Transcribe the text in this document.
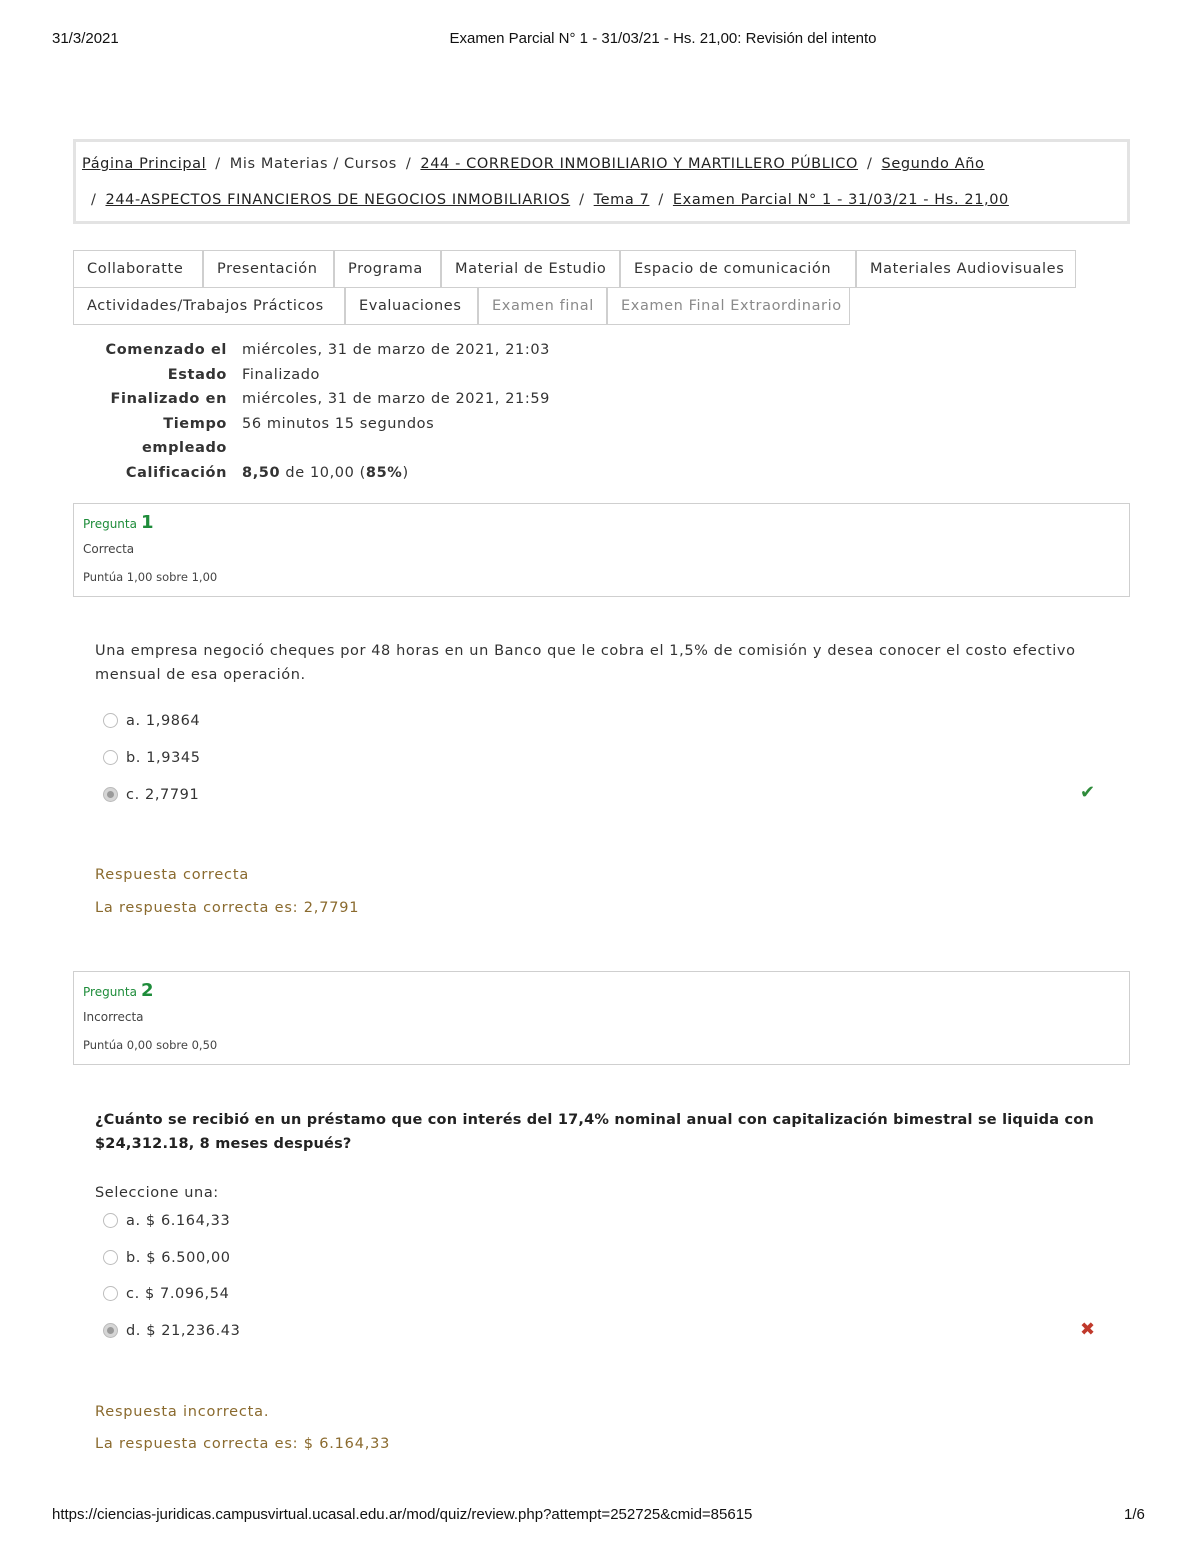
31/3/2021	Examen Parcial N° 1 - 31/03/21 - Hs. 21,00: Revisión del intento
Página Principal / Mis Materias / Cursos / 244 - CORREDOR INMOBILIARIO Y MARTILLERO PÚBLICO / Segundo Año
/ 244-ASPECTOS FINANCIEROS DE NEGOCIOS INMOBILIARIOS / Tema 7 / Examen Parcial N° 1 - 31/03/21 - Hs. 21,00
Collaboratte	Presentación	Programa	Material de Estudio	Espacio de comunicación	Materiales Audiovisuales
Actividades/Trabajos Prácticos	Evaluaciones	Examen final	Examen Final Extraordinario
Comenzado el miércoles, 31 de marzo de 2021, 21:03
Estado Finalizado
Finalizado en miércoles, 31 de marzo de 2021, 21:59
Tiempo 56 minutos 15 segundos
empleado
Calificación 8,50 de 10,00 (85%)
Pregunta 1
Correcta
Puntúa 1,00 sobre 1,00
Una empresa negoció cheques por 48 horas en un Banco que le cobra el 1,5% de comisión y desea conocer el costo efectivo mensual de esa operación.
a. 1,9864
b. 1,9345
c. 2,7791	✔
Respuesta correcta
La respuesta correcta es: 2,7791
Pregunta 2
Incorrecta
Puntúa 0,00 sobre 0,50
¿Cuánto se recibió en un préstamo que con interés del 17,4% nominal anual con capitalización bimestral se liquida con $24,312.18, 8 meses después?
Seleccione una:
a. $ 6.164,33
b. $ 6.500,00
c. $ 7.096,54
d. $ 21,236.43	✖
Respuesta incorrecta.
La respuesta correcta es: $ 6.164,33
https://ciencias-juridicas.campusvirtual.ucasal.edu.ar/mod/quiz/review.php?attempt=252725&cmid=85615	1/6
